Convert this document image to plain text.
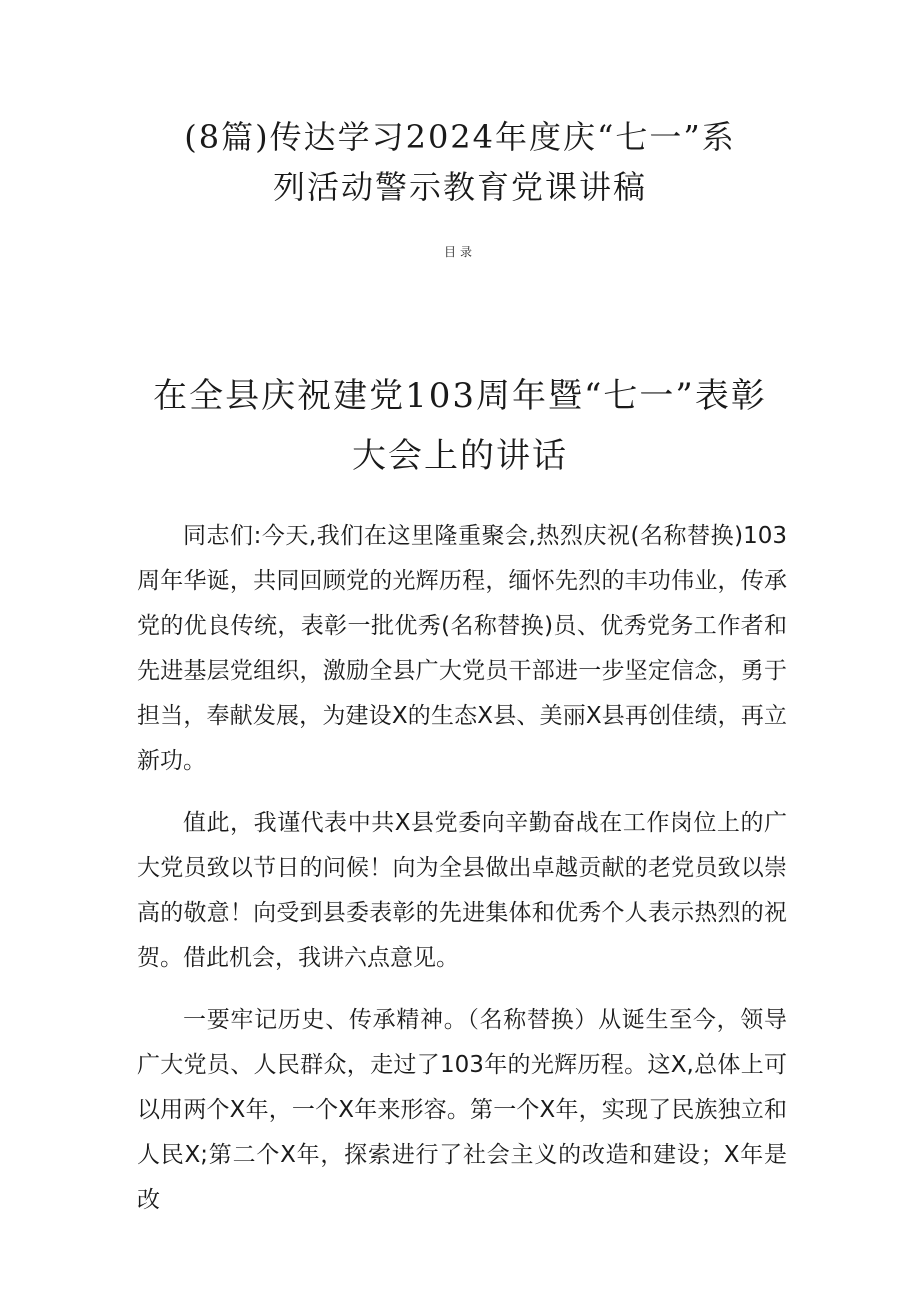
(8篇)传达学习2024年度庆“七一”系
列活动警示教育党课讲稿
目录
在全县庆祝建党103周年暨“七一”表彰
大会上的讲话

同志们:今天,我们在这里隆重聚会,热烈庆祝(名称替换)103周年华诞，共同回顾党的光辉历程，缅怀先烈的丰功伟业，传承党的优良传统，表彰一批优秀(名称替换)员、优秀党务工作者和先进基层党组织，激励全县广大党员干部进一步坚定信念，勇于担当，奉献发展，为建设X的生态X县、美丽X县再创佳绩，再立新功。

值此，我谨代表中共X县党委向辛勤奋战在工作岗位上的广大党员致以节日的问候！向为全县做出卓越贡献的老党员致以崇高的敬意！向受到县委表彰的先进集体和优秀个人表示热烈的祝贺。借此机会，我讲六点意见。

一要牢记历史、传承精神。（名称替换）从诞生至今，领导广大党员、人民群众，走过了103年的光辉历程。这X,总体上可以用两个X年，一个X年来形容。第一个X年，实现了民族独立和人民X;第二个X年，探索进行了社会主义的改造和建设；X年是改
